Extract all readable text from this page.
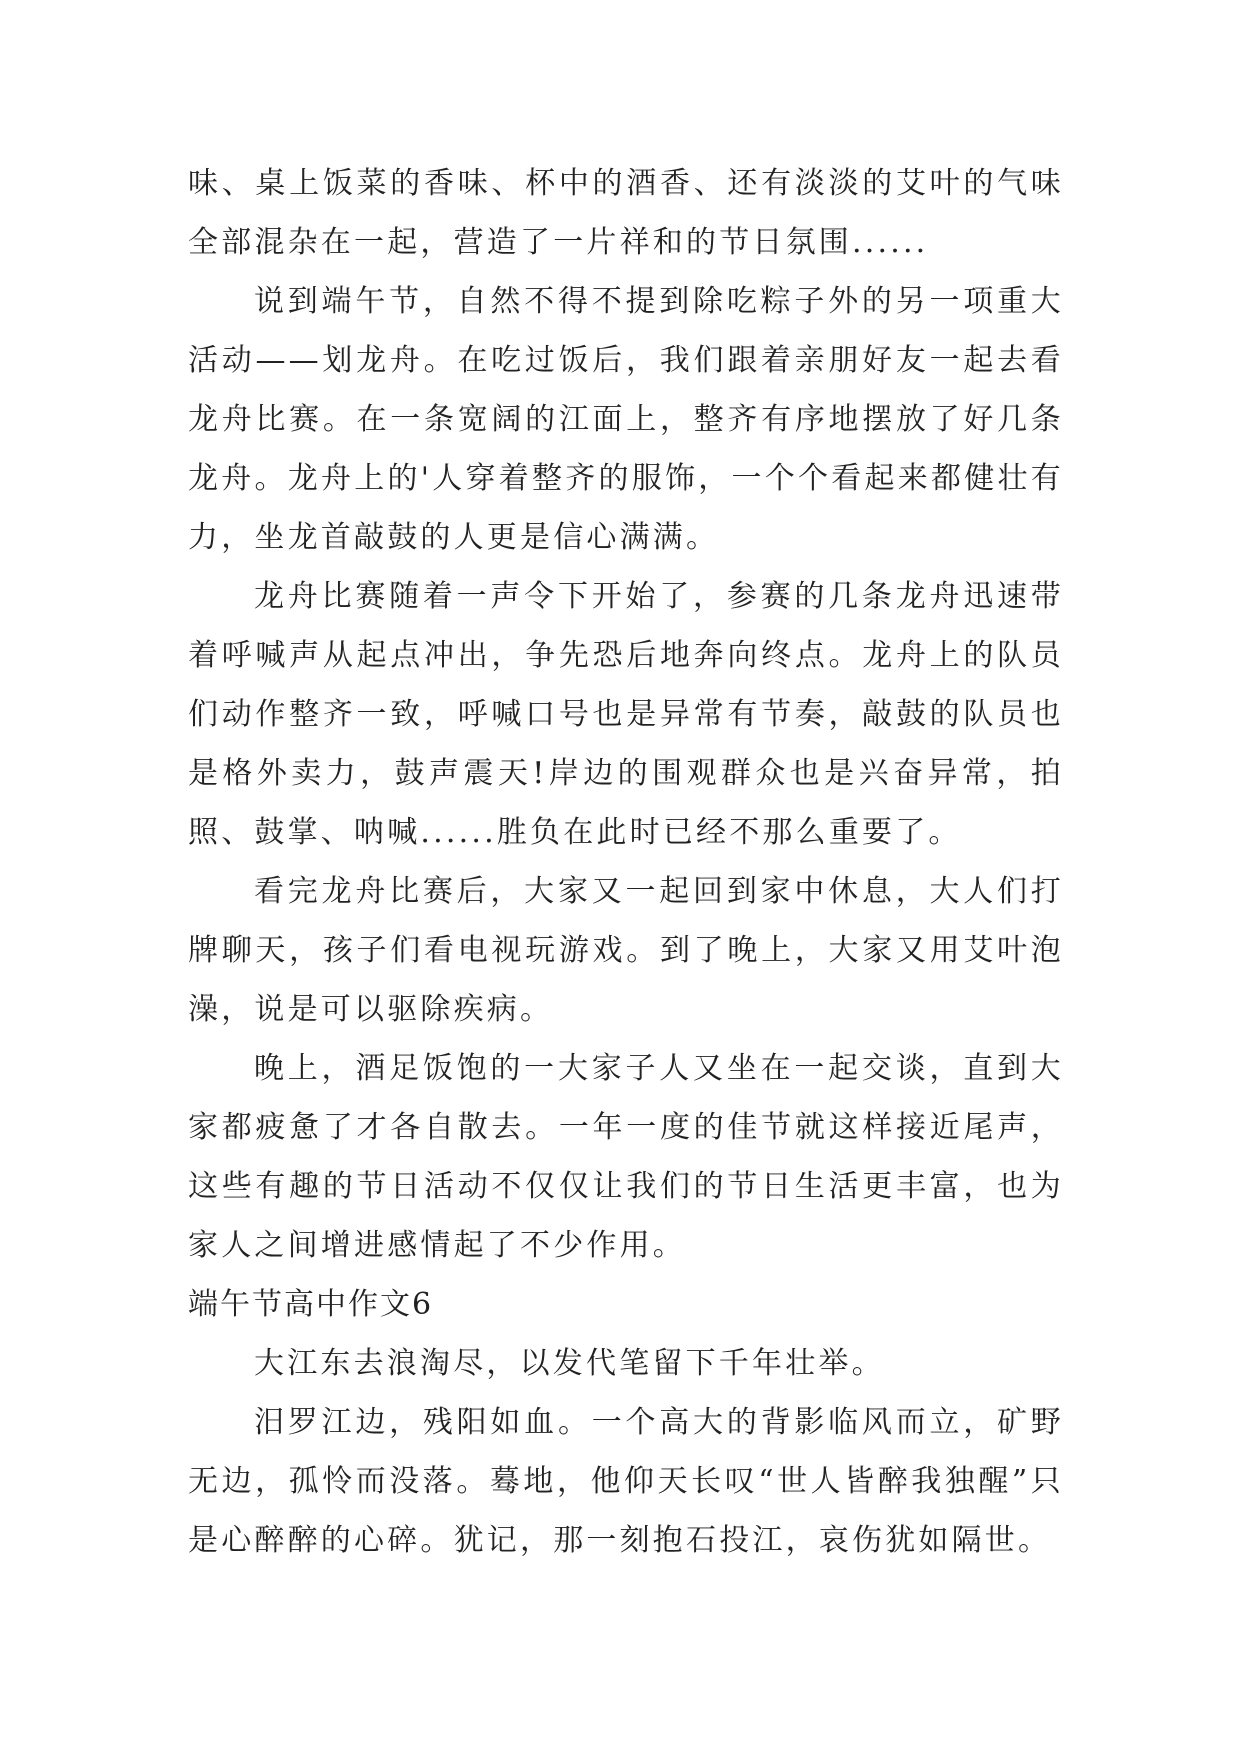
味、桌上饭菜的香味、杯中的酒香、还有淡淡的艾叶的气味全部混杂在一起，营造了一片祥和的节日氛围......

说到端午节，自然不得不提到除吃粽子外的另一项重大活动——划龙舟。在吃过饭后，我们跟着亲朋好友一起去看龙舟比赛。在一条宽阔的江面上，整齐有序地摆放了好几条龙舟。龙舟上的'人穿着整齐的服饰，一个个看起来都健壮有力，坐龙首敲鼓的人更是信心满满。

龙舟比赛随着一声令下开始了，参赛的几条龙舟迅速带着呼喊声从起点冲出，争先恐后地奔向终点。龙舟上的队员们动作整齐一致，呼喊口号也是异常有节奏，敲鼓的队员也是格外卖力，鼓声震天!岸边的围观群众也是兴奋异常，拍照、鼓掌、呐喊......胜负在此时已经不那么重要了。

看完龙舟比赛后，大家又一起回到家中休息，大人们打牌聊天，孩子们看电视玩游戏。到了晚上，大家又用艾叶泡澡，说是可以驱除疾病。

晚上，酒足饭饱的一大家子人又坐在一起交谈，直到大家都疲惫了才各自散去。一年一度的佳节就这样接近尾声，这些有趣的节日活动不仅仅让我们的节日生活更丰富，也为家人之间增进感情起了不少作用。

端午节高中作文6

大江东去浪淘尽，以发代笔留下千年壮举。

汨罗江边，残阳如血。一个高大的背影临风而立，矿野无边，孤怜而没落。蓦地，他仰天长叹“世人皆醉我独醒”只是心醉醉的心碎。犹记，那一刻抱石投江，哀伤犹如隔世。
